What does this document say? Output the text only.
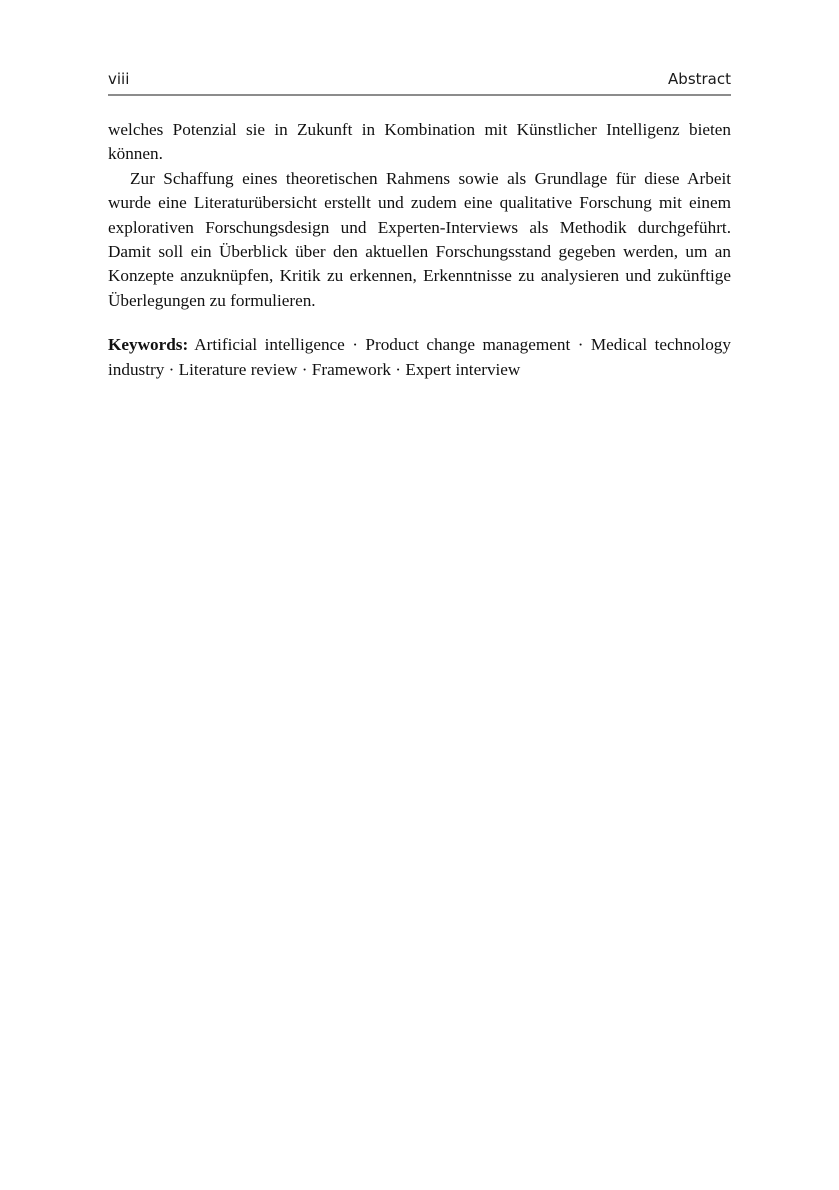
viii	Abstract

welches Potenzial sie in Zukunft in Kombination mit Künstlicher Intelligenz bieten können.

Zur Schaffung eines theoretischen Rahmens sowie als Grundlage für diese Arbeit wurde eine Literaturübersicht erstellt und zudem eine qualitative Forschung mit einem explorativen Forschungsdesign und Experten-Interviews als Methodik durchgeführt. Damit soll ein Überblick über den aktuellen Forschungsstand gegeben werden, um an Konzepte anzuknüpfen, Kritik zu erkennen, Erkenntnisse zu analysieren und zukünftige Überlegungen zu formulieren.

Keywords: Artificial intelligence · Product change management · Medical technology industry · Literature review · Framework · Expert interview
